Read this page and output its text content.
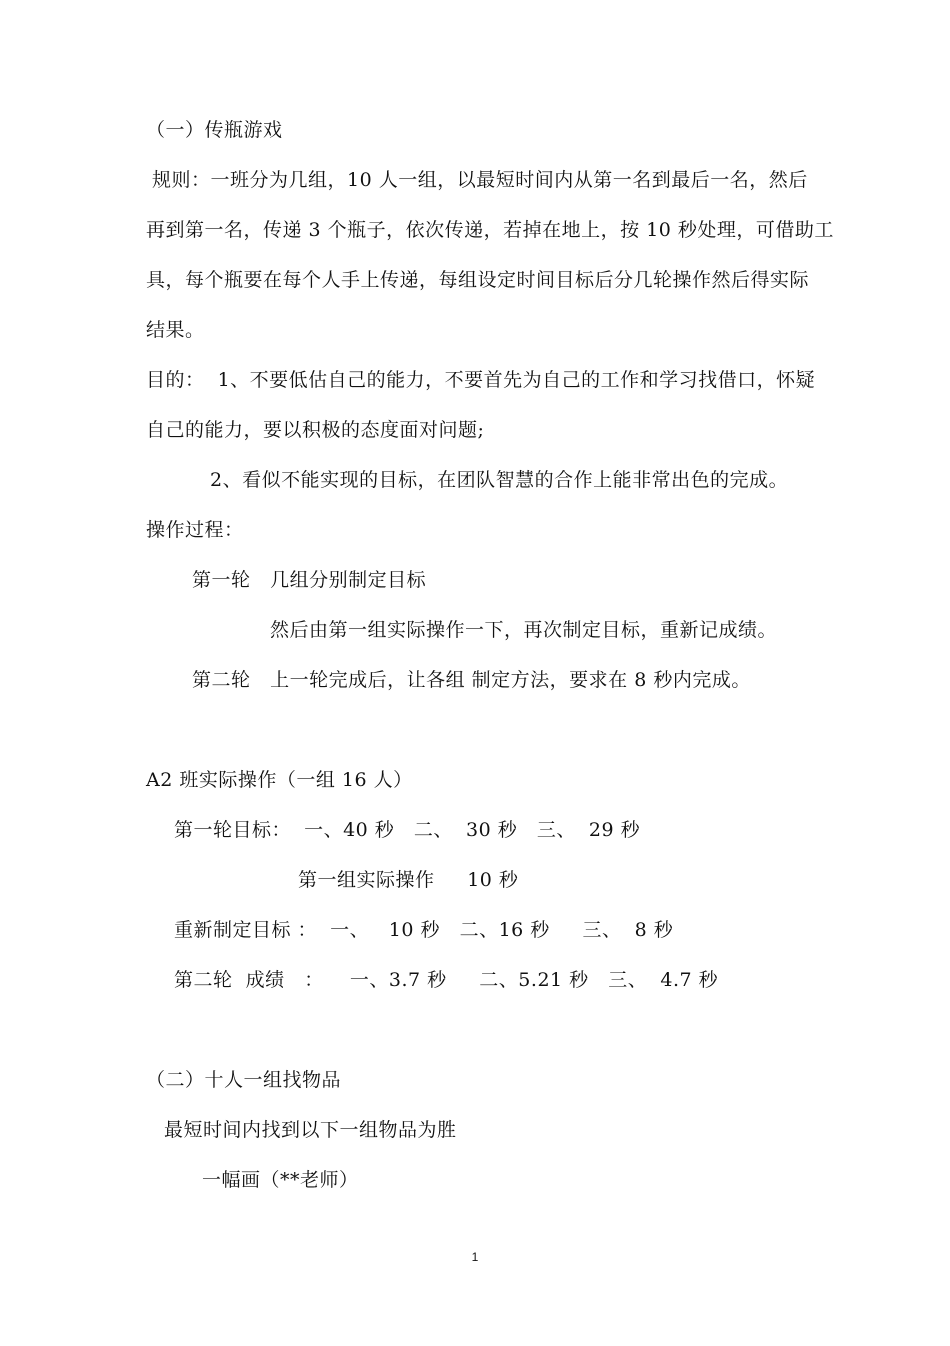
（一）传瓶游戏
规则：一班分为几组，10 人一组，以最短时间内从第一名到最后一名，然后
再到第一名，传递 3 个瓶子，依次传递，若掉在地上，按 10 秒处理，可借助工
具，每个瓶要在每个人手上传递，每组设定时间目标后分几轮操作然后得实际
结果。
目的：  1、不要低估自己的能力，不要首先为自己的工作和学习找借口，怀疑
自己的能力，要以积极的态度面对问题;
2、看似不能实现的目标，在团队智慧的合作上能非常出色的完成。
操作过程：
第一轮   几组分别制定目标
然后由第一组实际操作一下，再次制定目标，重新记成绩。
第二轮   上一轮完成后，让各组 制定方法，要求在 8 秒内完成。
A2 班实际操作（一组 16 人）
第一轮目标：  一、40 秒   二、  30 秒   三、  29 秒
第一组实际操作     10 秒
重新制定目标 ：  一、   10 秒   二、16 秒     三、  8 秒
第二轮  成绩   ：    一、3.7 秒     二、5.21 秒   三、  4.7 秒
（二）十人一组找物品
最短时间内找到以下一组物品为胜
一幅画（**老师）
1
